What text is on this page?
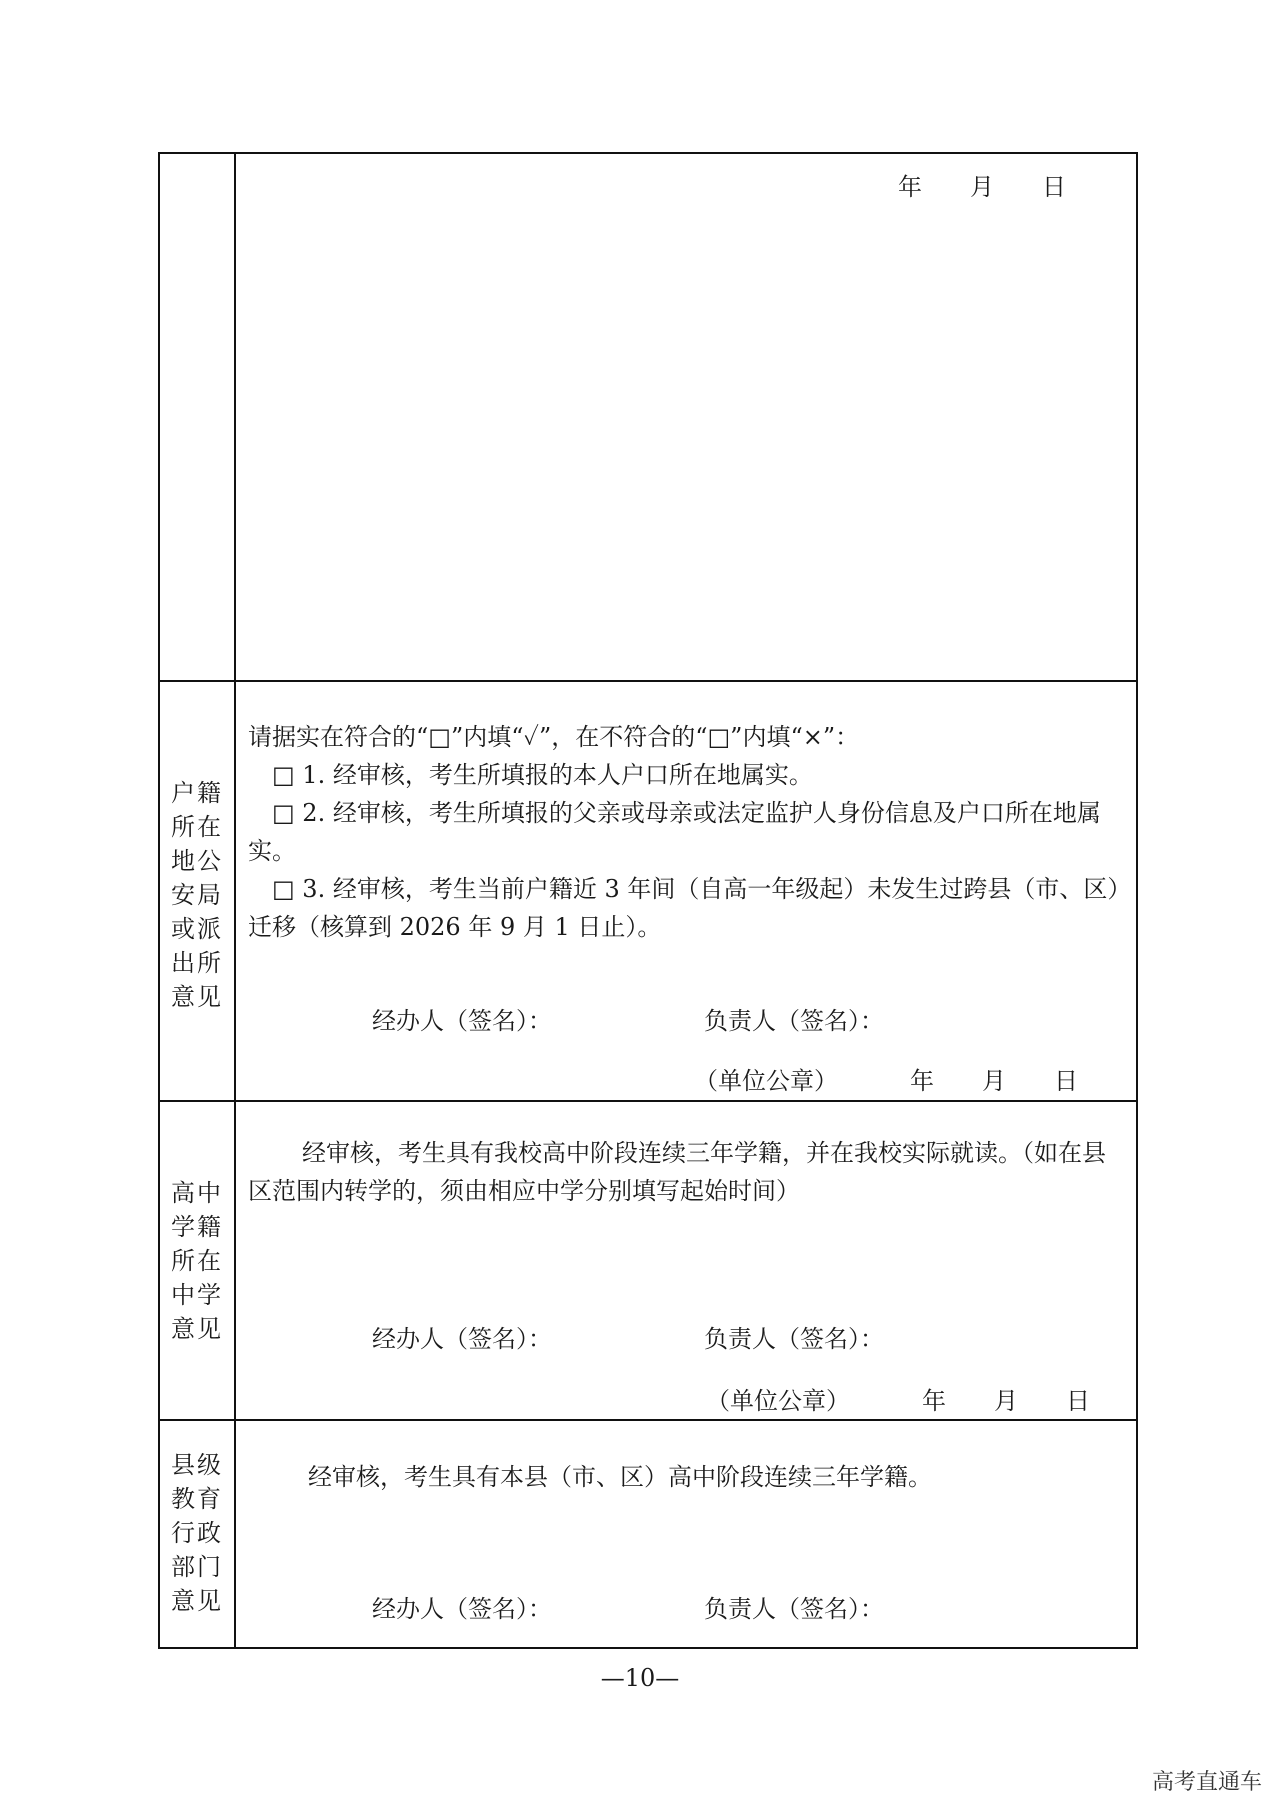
年　　月　　日
户籍
所在
地公
安局
或派
出所
意见
请据实在符合的“□”内填“✓”，在不符合的“□”内填“×”：
□ 1. 经审核，考生所填报的本人户口所在地属实。
□ 2. 经审核，考生所填报的父亲或母亲或法定监护人身份信息及户口所在地属
实。
□ 3. 经审核，考生当前户籍近 3 年间（自高一年级起）未发生过跨县（市、区）
迁移（核算到 2026 年 9 月 1 日止）。
经办人（签名）：	负责人（签名）：
（单位公章）	年　　月　　日
高中
学籍
所在
中学
意见
经审核，考生具有我校高中阶段连续三年学籍，并在我校实际就读。（如在县
区范围内转学的，须由相应中学分别填写起始时间）
经办人（签名）：	负责人（签名）：
（单位公章）	年　　月　　日
县级
教育
行政
部门
意见
经审核，考生具有本县（市、区）高中阶段连续三年学籍。
经办人（签名）：	负责人（签名）：
—10—
高考直通车
